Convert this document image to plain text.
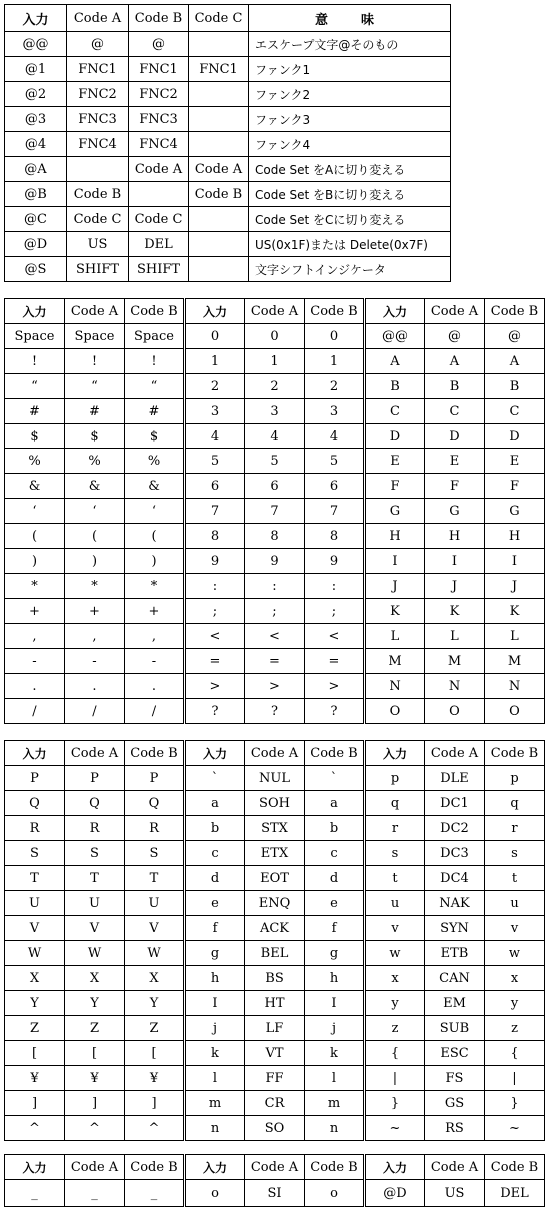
入力	Code A	Code B	Code C	意　味
@@	@	@		エスケープ文字@そのもの
@1	FNC1	FNC1	FNC1	ファンク1
@2	FNC2	FNC2		ファンク2
@3	FNC3	FNC3		ファンク3
@4	FNC4	FNC4		ファンク4
@A		Code A	Code A	Code Set をAに切り変える
@B	Code B		Code B	Code Set をBに切り変える
@C	Code C	Code C		Code Set をCに切り変える
@D	US	DEL		US(0x1F)または Delete(0x7F)
@S	SHIFT	SHIFT		文字シフトインジケータ
入力	Code A	Code B	入力	Code A	Code B	入力	Code A	Code B
Space	Space	Space	0	0	0	@@	@	@
!	!	!	1	1	1	A	A	A
“	“	“	2	2	2	B	B	B
#	#	#	3	3	3	C	C	C
$	$	$	4	4	4	D	D	D
%	%	%	5	5	5	E	E	E
&	&	&	6	6	6	F	F	F
‘	‘	‘	7	7	7	G	G	G
(	(	(	8	8	8	H	H	H
)	)	)	9	9	9	I	I	I
*	*	*	:	:	:	J	J	J
+	+	+	;	;	;	K	K	K
,	,	,	<	<	<	L	L	L
-	-	-	=	=	=	M	M	M
.	.	.	>	>	>	N	N	N
/	/	/	?	?	?	O	O	O
入力	Code A	Code B	入力	Code A	Code B	入力	Code A	Code B
P	P	P	`	NUL	`	p	DLE	p
Q	Q	Q	a	SOH	a	q	DC1	q
R	R	R	b	STX	b	r	DC2	r
S	S	S	c	ETX	c	s	DC3	s
T	T	T	d	EOT	d	t	DC4	t
U	U	U	e	ENQ	e	u	NAK	u
V	V	V	f	ACK	f	v	SYN	v
W	W	W	g	BEL	g	w	ETB	w
X	X	X	h	BS	h	x	CAN	x
Y	Y	Y	I	HT	I	y	EM	y
Z	Z	Z	j	LF	j	z	SUB	z
[	[	[	k	VT	k	{	ESC	{
¥	¥	¥	l	FF	l	|	FS	|
]	]	]	m	CR	m	}	GS	}
^	^	^	n	SO	n	~	RS	~
入力	Code A	Code B	入力	Code A	Code B	入力	Code A	Code B
_	_	_	o	SI	o	@D	US	DEL
